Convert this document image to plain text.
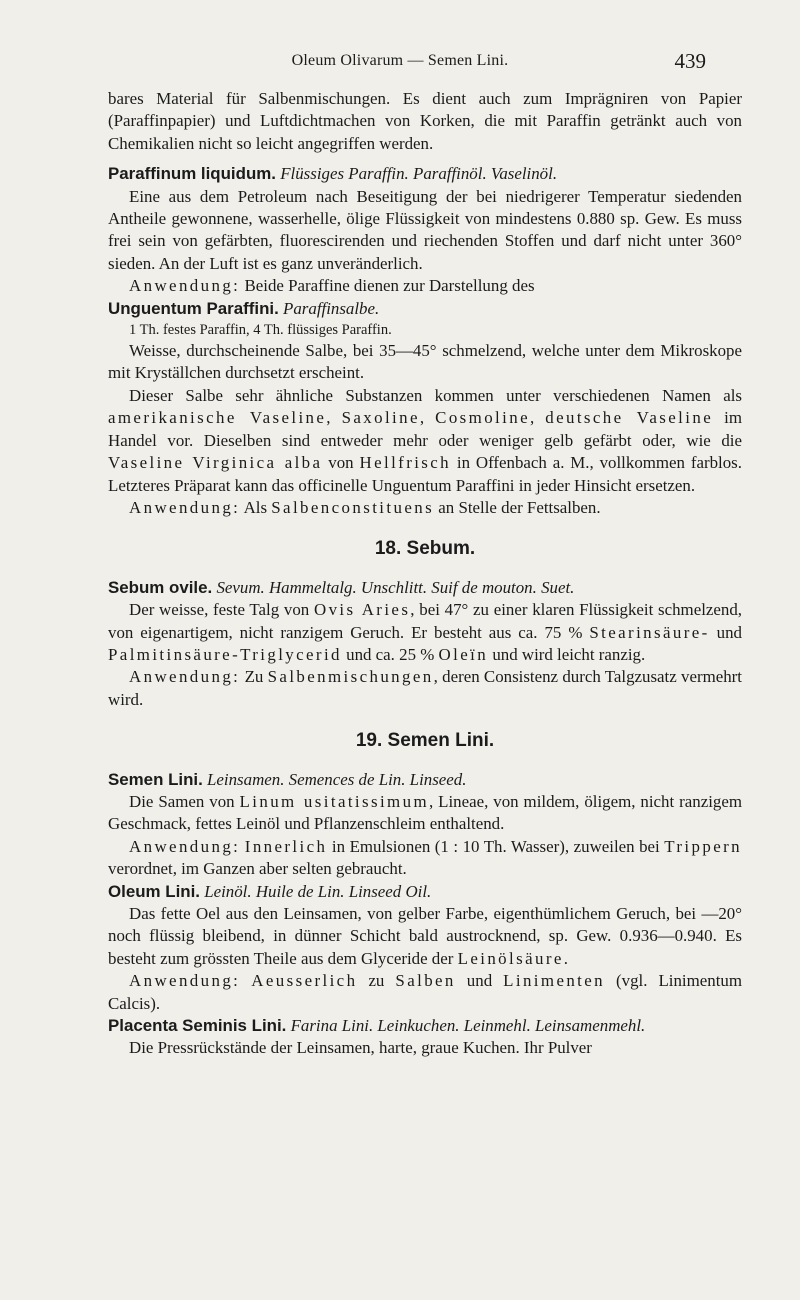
Oleum Olivarum — Semen Lini.	439

bares Material für Salbenmischungen. Es dient auch zum Imprägniren von Papier (Paraffinpapier) und Luftdichtmachen von Korken, die mit Paraffin getränkt auch von Chemikalien nicht so leicht angegriffen werden.

Paraffinum liquidum. Flüssiges Paraffin. Paraffinöl. Vaselinöl.

Eine aus dem Petroleum nach Beseitigung der bei niedrigerer Temperatur siedenden Antheile gewonnene, wasserhelle, ölige Flüssigkeit von mindestens 0.880 sp. Gew. Es muss frei sein von gefärbten, fluorescirenden und riechenden Stoffen und darf nicht unter 360° sieden. An der Luft ist es ganz unveränderlich.

Anwendung: Beide Paraffine dienen zur Darstellung des

Unguentum Paraffini. Paraffinsalbe.

1 Th. festes Paraffin, 4 Th. flüssiges Paraffin.

Weisse, durchscheinende Salbe, bei 35—45° schmelzend, welche unter dem Mikroskope mit Kryställchen durchsetzt erscheint.

Dieser Salbe sehr ähnliche Substanzen kommen unter verschiedenen Namen als amerikanische Vaseline, Saxoline, Cosmoline, deutsche Vaseline im Handel vor. Dieselben sind entweder mehr oder weniger gelb gefärbt oder, wie die Vaseline Virginica alba von Hellfrisch in Offenbach a. M., vollkommen farblos. Letzteres Präparat kann das officinelle Unguentum Paraffini in jeder Hinsicht ersetzen.

Anwendung: Als Salbenconstituens an Stelle der Fettsalben.

18. Sebum.

Sebum ovile. Sevum. Hammeltalg. Unschlitt. Suif de mouton. Suet.

Der weisse, feste Talg von Ovis Aries, bei 47° zu einer klaren Flüssigkeit schmelzend, von eigenartigem, nicht ranzigem Geruch. Er besteht aus ca. 75 % Stearinsäure- und Palmitinsäure-Triglycerid und ca. 25 % Oleïn und wird leicht ranzig.

Anwendung: Zu Salbenmischungen, deren Consistenz durch Talgzusatz vermehrt wird.

19. Semen Lini.

Semen Lini. Leinsamen. Semences de Lin. Linseed.

Die Samen von Linum usitatissimum, Lineae, von mildem, öligem, nicht ranzigem Geschmack, fettes Leinöl und Pflanzenschleim enthaltend.

Anwendung: Innerlich in Emulsionen (1 : 10 Th. Wasser), zuweilen bei Trippern verordnet, im Ganzen aber selten gebraucht.

Oleum Lini. Leinöl. Huile de Lin. Linseed Oil.

Das fette Oel aus den Leinsamen, von gelber Farbe, eigenthümlichem Geruch, bei —20° noch flüssig bleibend, in dünner Schicht bald austrocknend, sp. Gew. 0.936—0.940. Es besteht zum grössten Theile aus dem Glyceride der Leinölsäure.

Anwendung: Aeusserlich zu Salben und Linimenten (vgl. Linimentum Calcis).

Placenta Seminis Lini. Farina Lini. Leinkuchen. Leinmehl. Leinsamenmehl.

Die Pressrückstände der Leinsamen, harte, graue Kuchen. Ihr Pulver
